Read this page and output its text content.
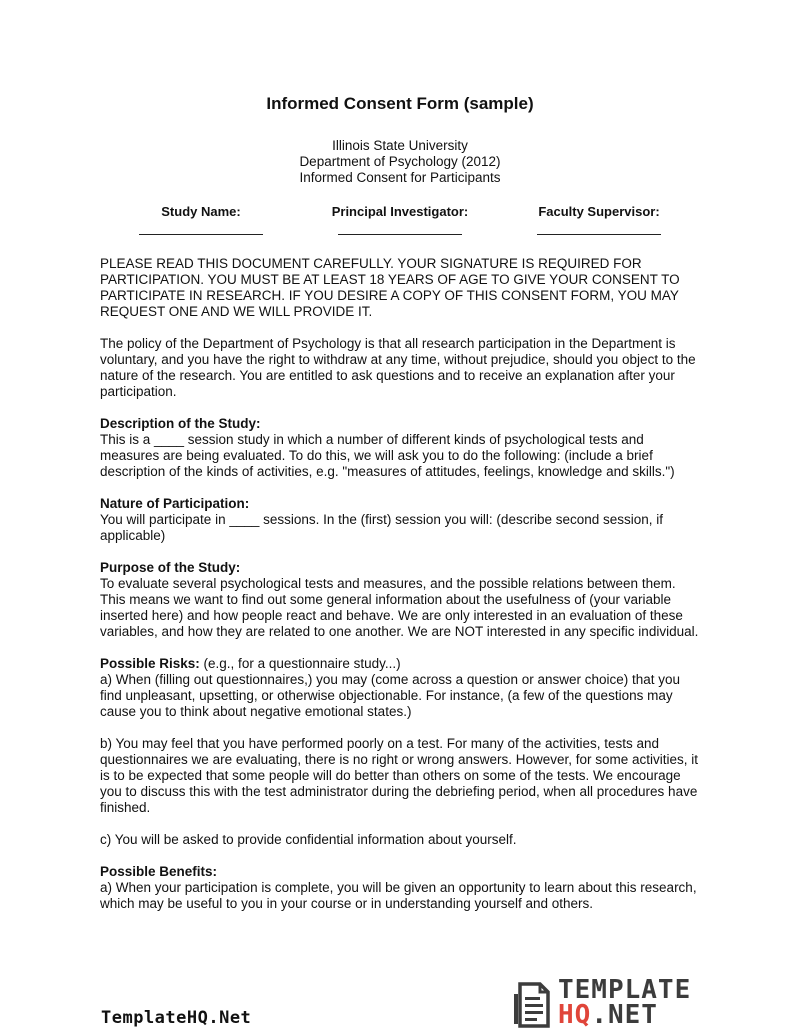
Informed Consent Form (sample)
Illinois State University
Department of Psychology (2012)
Informed Consent for Participants
Study Name:	Principal Investigator:	Faculty Supervisor:

PLEASE READ THIS DOCUMENT CAREFULLY. YOUR SIGNATURE IS REQUIRED FOR PARTICIPATION. YOU MUST BE AT LEAST 18 YEARS OF AGE TO GIVE YOUR CONSENT TO PARTICIPATE IN RESEARCH. IF YOU DESIRE A COPY OF THIS CONSENT FORM, YOU MAY REQUEST ONE AND WE WILL PROVIDE IT.

The policy of the Department of Psychology is that all research participation in the Department is voluntary, and you have the right to withdraw at any time, without prejudice, should you object to the nature of the research. You are entitled to ask questions and to receive an explanation after your participation.

Description of the Study:
This is a ____ session study in which a number of different kinds of psychological tests and measures are being evaluated. To do this, we will ask you to do the following: (include a brief description of the kinds of activities, e.g. "measures of attitudes, feelings, knowledge and skills.")
Nature of Participation:
You will participate in ____ sessions. In the (first) session you will: (describe second session, if applicable)
Purpose of the Study:
To evaluate several psychological tests and measures, and the possible relations between them. This means we want to find out some general information about the usefulness of (your variable inserted here) and how people react and behave. We are only interested in an evaluation of these variables, and how they are related to one another. We are NOT interested in any specific individual.
Possible Risks: (e.g., for a questionnaire study...)
a) When (filling out questionnaires,) you may (come across a question or answer choice) that you find unpleasant, upsetting, or otherwise objectionable. For instance, (a few of the questions may cause you to think about negative emotional states.)

b) You may feel that you have performed poorly on a test. For many of the activities, tests and questionnaires we are evaluating, there is no right or wrong answers. However, for some activities, it is to be expected that some people will do better than others on some of the tests. We encourage you to discuss this with the test administrator during the debriefing period, when all procedures have finished.

c) You will be asked to provide confidential information about yourself.

Possible Benefits:
a) When your participation is complete, you will be given an opportunity to learn about this research, which may be useful to you in your course or in understanding yourself and others.
TemplateHQ.Net
TEMPLATE
HQ.NET
